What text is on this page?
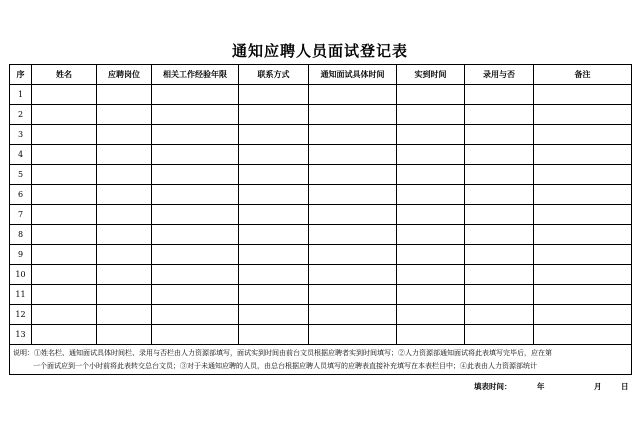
通知应聘人员面试登记表
序	姓名	应聘岗位	相关工作经验年限	联系方式	通知面试具体时间	实到时间	录用与否	备注
1								
2								
3								
4								
5								
6								
7								
8								
9								
10								
11								
12								
13								

说明：①姓名栏、通知面试具体时间栏、录用与否栏由人力资源部填写，面试实到时间由前台文员根据应聘者实到时间填写；②人力资源部通知面试将此表填写完毕后，应在第
一个面试应到一个小时前将此表转交总台文员；③对于未通知应聘的人员，由总台根据应聘人员填写的应聘表直接补充填写在本表栏目中；④此表由人力资源部统计								
填表时间：	年	月	日
